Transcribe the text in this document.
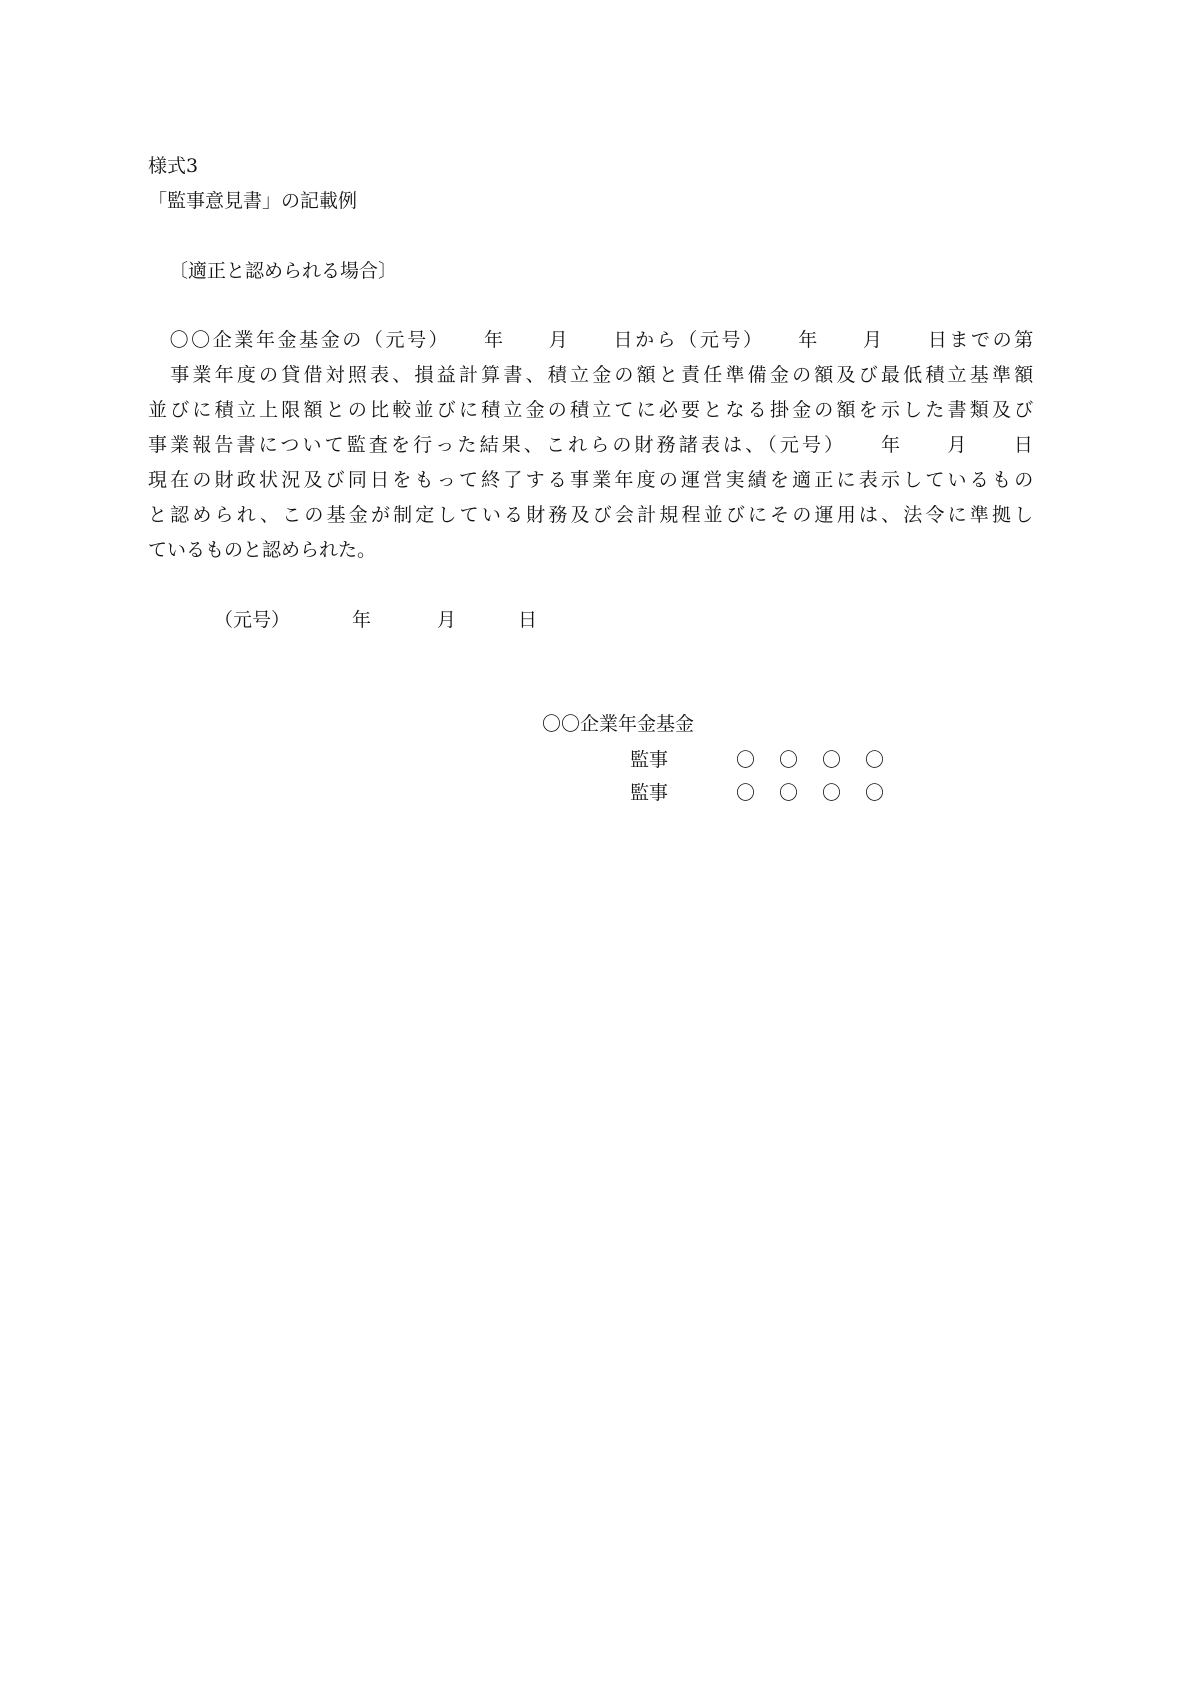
様式3
「監事意見書」の記載例
〔適正と認められる場合〕
　〇〇企業年金基金の（元号）　　年　　月　　日から（元号）　　年　　月　　日までの第
　事業年度の貸借対照表、損益計算書、積立金の額と責任準備金の額及び最低積立基準額
並びに積立上限額との比較並びに積立金の積立てに必要となる掛金の額を示した書類及び
事業報告書について監査を行った結果、これらの財務諸表は、（元号）　　年　　月　　日
現在の財政状況及び同日をもって終了する事業年度の運営実績を適正に表示しているもの
と認められ、この基金が制定している財務及び会計規程並びにその運用は、法令に準拠し
ているものと認められた。
（元号）	年	月	日
〇〇企業年金基金
監事	〇〇〇〇
監事	〇〇〇〇
